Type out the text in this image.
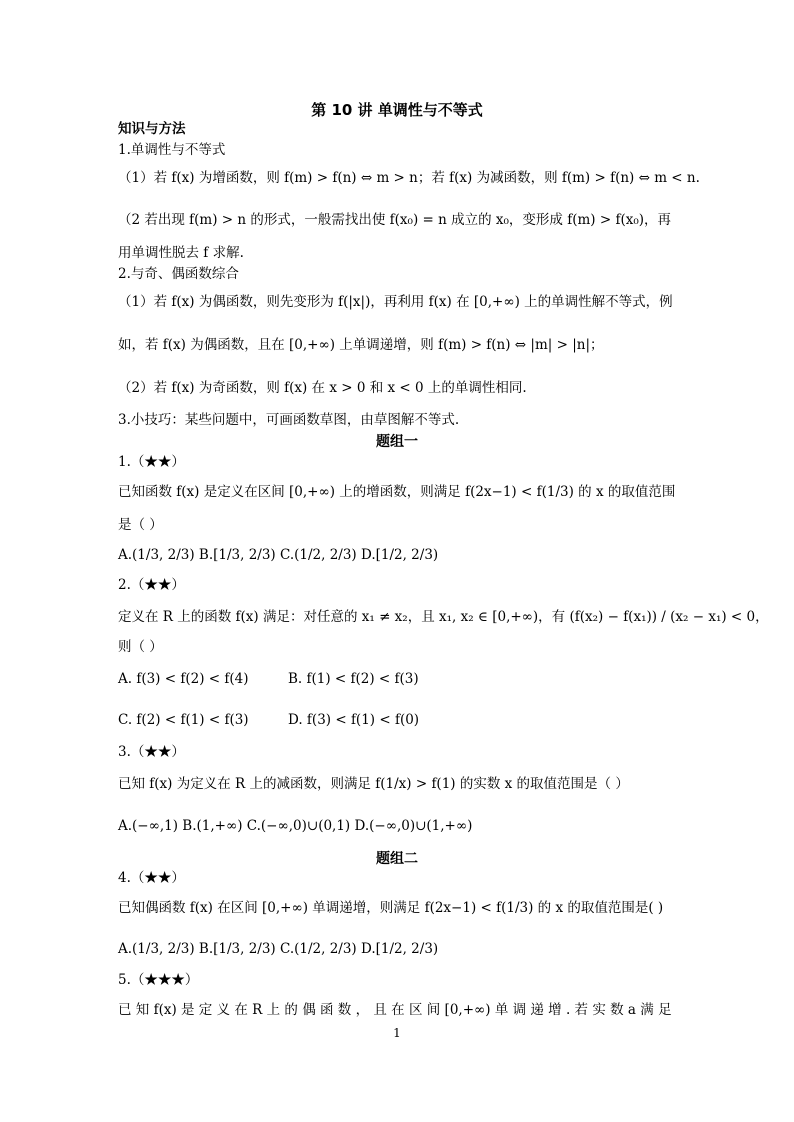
第 10 讲 单调性与不等式
知识与方法
1.单调性与不等式
（1）若 f(x) 为增函数，则 f(m) > f(n) ⇔ m > n；若 f(x) 为减函数，则 f(m) > f(n) ⇔ m < n.
（2 若出现 f(m) > n 的形式，一般需找出使 f(x₀) = n 成立的 x₀，变形成 f(m) > f(x₀)，再
用单调性脱去 f 求解.
2.与奇、偶函数综合
（1）若 f(x) 为偶函数，则先变形为 f(|x|)，再利用 f(x) 在 [0,+∞) 上的单调性解不等式，例
如，若 f(x) 为偶函数，且在 [0,+∞) 上单调递增，则 f(m) > f(n) ⇔ |m| > |n|；
（2）若 f(x) 为奇函数，则 f(x) 在 x > 0 和 x < 0 上的单调性相同.
3.小技巧：某些问题中，可画函数草图，由草图解不等式.
题组一
1.（★★）
已知函数 f(x) 是定义在区间 [0,+∞) 上的增函数，则满足 f(2x−1) < f(1/3) 的 x 的取值范围
是（ ）
A.(1/3, 2/3) B.[1/3, 2/3) C.(1/2, 2/3) D.[1/2, 2/3)
2.（★★）
定义在 R 上的函数 f(x) 满足：对任意的 x₁ ≠ x₂，且 x₁, x₂ ∈ [0,+∞)，有 (f(x₂) − f(x₁)) / (x₂ − x₁) < 0，
则（ ）
A. f(3) < f(2) < f(4)	B. f(1) < f(2) < f(3)
C. f(2) < f(1) < f(3)	D. f(3) < f(1) < f(0)
3.（★★）
已知 f(x) 为定义在 R 上的减函数，则满足 f(1/x) > f(1) 的实数 x 的取值范围是（ ）
A.(−∞,1) B.(1,+∞) C.(−∞,0)∪(0,1) D.(−∞,0)∪(1,+∞)
题组二
4.（★★）
已知偶函数 f(x) 在区间 [0,+∞) 单调递增，则满足 f(2x−1) < f(1/3) 的 x 的取值范围是( )
A.(1/3, 2/3) B.[1/3, 2/3) C.(1/2, 2/3) D.[1/2, 2/3)
5.（★★★）
已 知 f(x) 是 定 义 在 R 上 的 偶 函 数 ， 且 在 区 间 [0,+∞) 单 调 递 增 . 若 实 数 a 满 足
1
